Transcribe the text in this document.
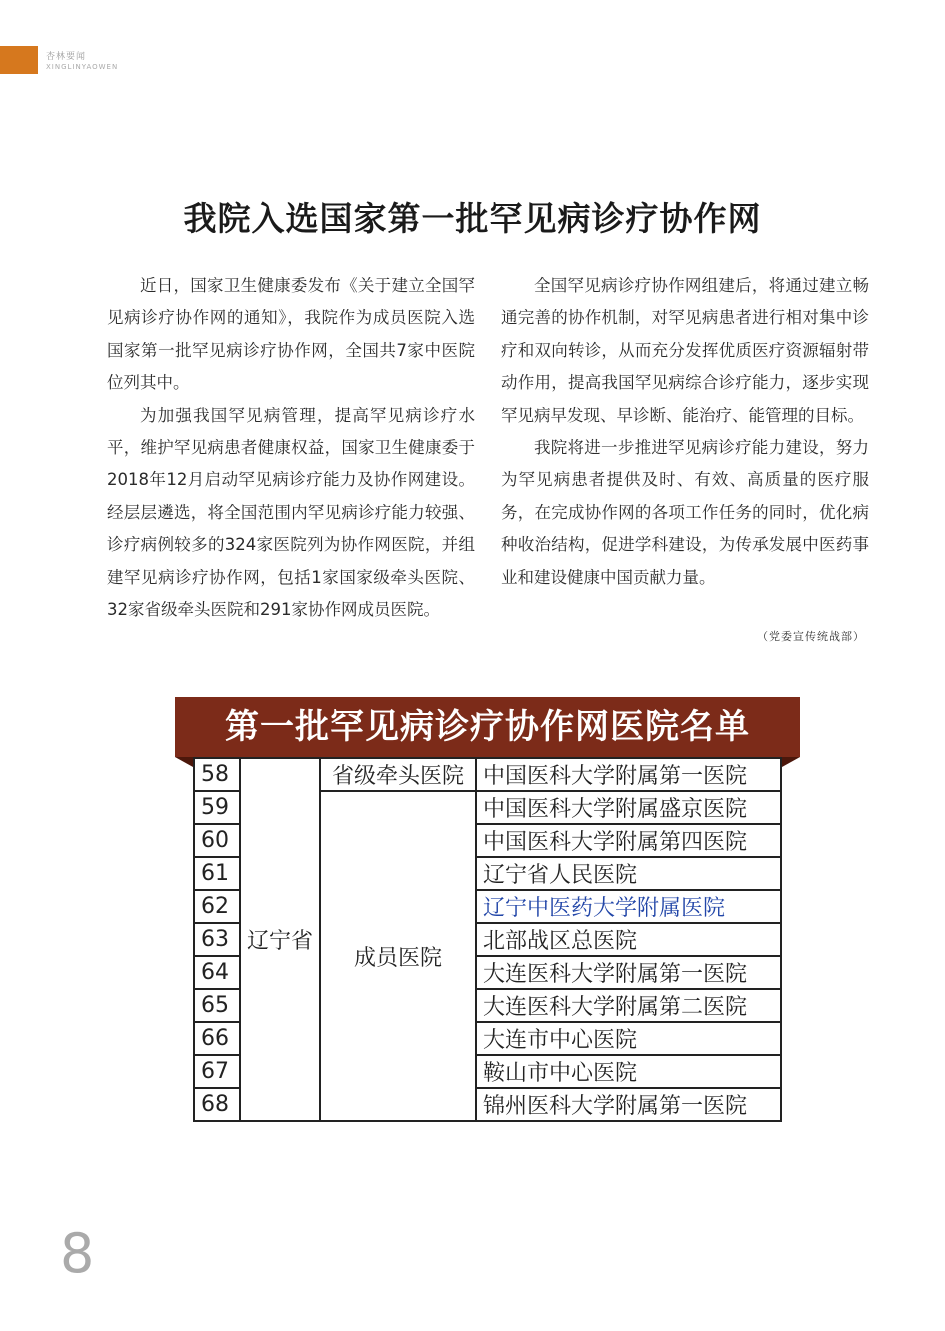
杏林要闻
XINGLINYAOWEN
我院入选国家第一批罕见病诊疗协作网

近日，国家卫生健康委发布《关于建立全国罕见病诊疗协作网的通知》，我院作为成员医院入选国家第一批罕见病诊疗协作网，全国共7家中医院位列其中。

为加强我国罕见病管理，提高罕见病诊疗水平，维护罕见病患者健康权益，国家卫生健康委于2018年12月启动罕见病诊疗能力及协作网建设。经层层遴选，将全国范围内罕见病诊疗能力较强、诊疗病例较多的324家医院列为协作网医院，并组建罕见病诊疗协作网，包括1家国家级牵头医院、32家省级牵头医院和291家协作网成员医院。

全国罕见病诊疗协作网组建后，将通过建立畅通完善的协作机制，对罕见病患者进行相对集中诊疗和双向转诊，从而充分发挥优质医疗资源辐射带动作用，提高我国罕见病综合诊疗能力，逐步实现罕见病早发现、早诊断、能治疗、能管理的目标。

我院将进一步推进罕见病诊疗能力建设，努力为罕见病患者提供及时、有效、高质量的医疗服务，在完成协作网的各项工作任务的同时，优化病种收治结构，促进学科建设，为传承发展中医药事业和建设健康中国贡献力量。

（党委宣传统战部）
第一批罕见病诊疗协作网医院名单
58	辽宁省	省级牵头医院	中国医科大学附属第一医院
59		成员医院	中国医科大学附属盛京医院
60			中国医科大学附属第四医院
61			辽宁省人民医院
62			辽宁中医药大学附属医院
63			北部战区总医院
64			大连医科大学附属第一医院
65			大连医科大学附属第二医院
66			大连市中心医院
67			鞍山市中心医院
68			锦州医科大学附属第一医院
8
